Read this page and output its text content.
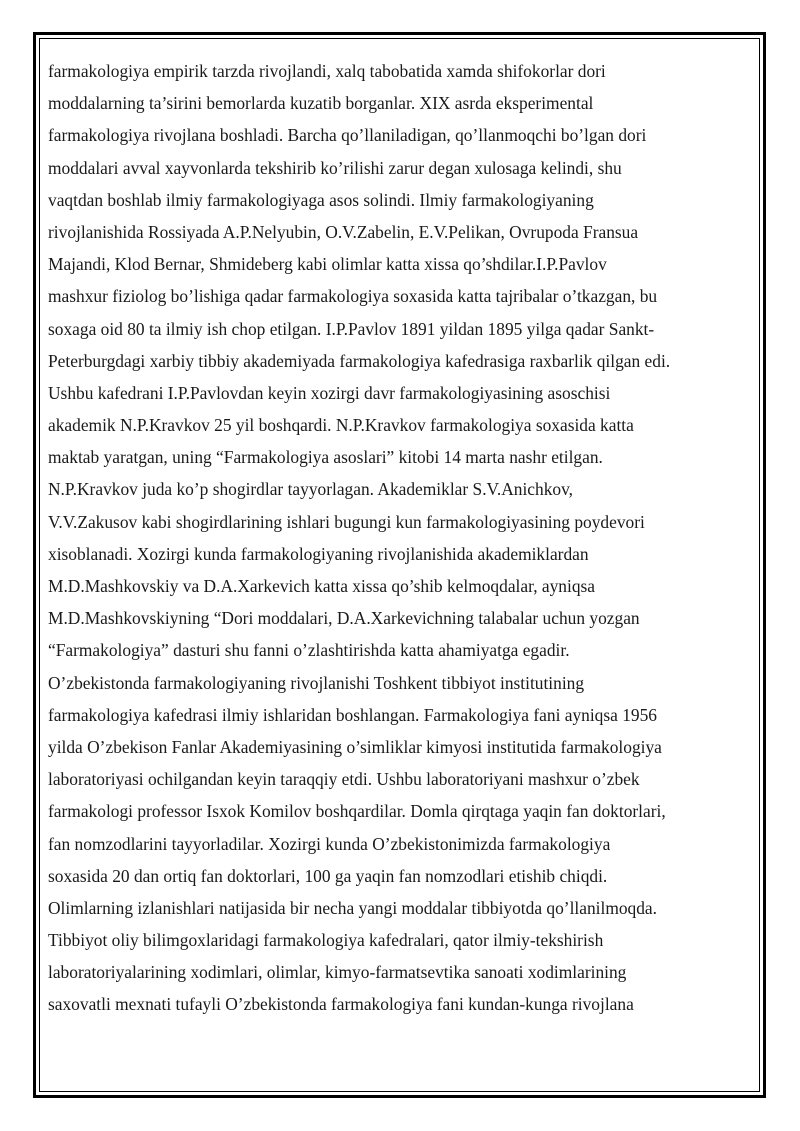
farmakologiya empirik tarzda rivojlandi, xalq tabobatida xamda shifokorlar dori
moddalarning ta’sirini bemorlarda kuzatib borganlar. XIX asrda eksperimental
farmakologiya rivojlana boshladi. Barcha qo’llaniladigan, qo’llanmoqchi bo’lgan dori
moddalari avval xayvonlarda tekshirib ko’rilishi zarur degan xulosaga kelindi, shu
vaqtdan boshlab ilmiy farmakologiyaga asos solindi. Ilmiy farmakologiyaning
rivojlanishida Rossiyada A.P.Nelyubin, O.V.Zabelin, E.V.Pelikan, Ovrupoda Fransua
Majandi, Klod Bernar, Shmideberg kabi olimlar katta xissa qo’shdilar.I.P.Pavlov
mashxur fiziolog bo’lishiga qadar farmakologiya soxasida katta tajribalar o’tkazgan, bu
soxaga oid 80 ta ilmiy ish chop etilgan. I.P.Pavlov 1891 yildan 1895 yilga qadar Sankt-
Peterburgdagi xarbiy tibbiy akademiyada farmakologiya kafedrasiga raxbarlik qilgan edi.
Ushbu kafedrani I.P.Pavlovdan keyin xozirgi davr farmakologiyasining asoschisi
akademik N.P.Kravkov 25 yil boshqardi. N.P.Kravkov farmakologiya soxasida katta
maktab yaratgan, uning “Farmakologiya asoslari” kitobi 14 marta nashr etilgan.
N.P.Kravkov juda ko’p shogirdlar tayyorlagan. Akademiklar S.V.Anichkov,
V.V.Zakusov kabi shogirdlarining ishlari bugungi kun farmakologiyasining poydevori
xisoblanadi. Xozirgi kunda farmakologiyaning rivojlanishida akademiklardan
M.D.Mashkovskiy va D.A.Xarkevich katta xissa qo’shib kelmoqdalar, ayniqsa
M.D.Mashkovskiyning “Dori moddalari, D.A.Xarkevichning talabalar uchun yozgan
“Farmakologiya” dasturi shu fanni o’zlashtirishda katta ahamiyatga egadir.
O’zbekistonda farmakologiyaning rivojlanishi Toshkent tibbiyot institutining
farmakologiya kafedrasi ilmiy ishlaridan boshlangan. Farmakologiya fani ayniqsa 1956
yilda O’zbekison Fanlar Akademiyasining o’simliklar kimyosi institutida farmakologiya
laboratoriyasi ochilgandan keyin taraqqiy etdi. Ushbu laboratoriyani mashxur o’zbek
farmakologi professor Isxok Komilov boshqardilar. Domla qirqtaga yaqin fan doktorlari,
fan nomzodlarini tayyorladilar. Xozirgi kunda O’zbekistonimizda farmakologiya
soxasida 20 dan ortiq fan doktorlari, 100 ga yaqin fan nomzodlari etishib chiqdi.
Olimlarning izlanishlari natijasida bir necha yangi moddalar tibbiyotda qo’llanilmoqda.
Tibbiyot oliy bilimgoxlaridagi farmakologiya kafedralari, qator ilmiy-tekshirish
laboratoriyalarining xodimlari, olimlar, kimyo-farmatsevtika sanoati xodimlarining
saxovatli mexnati tufayli O’zbekistonda farmakologiya fani kundan-kunga rivojlana
